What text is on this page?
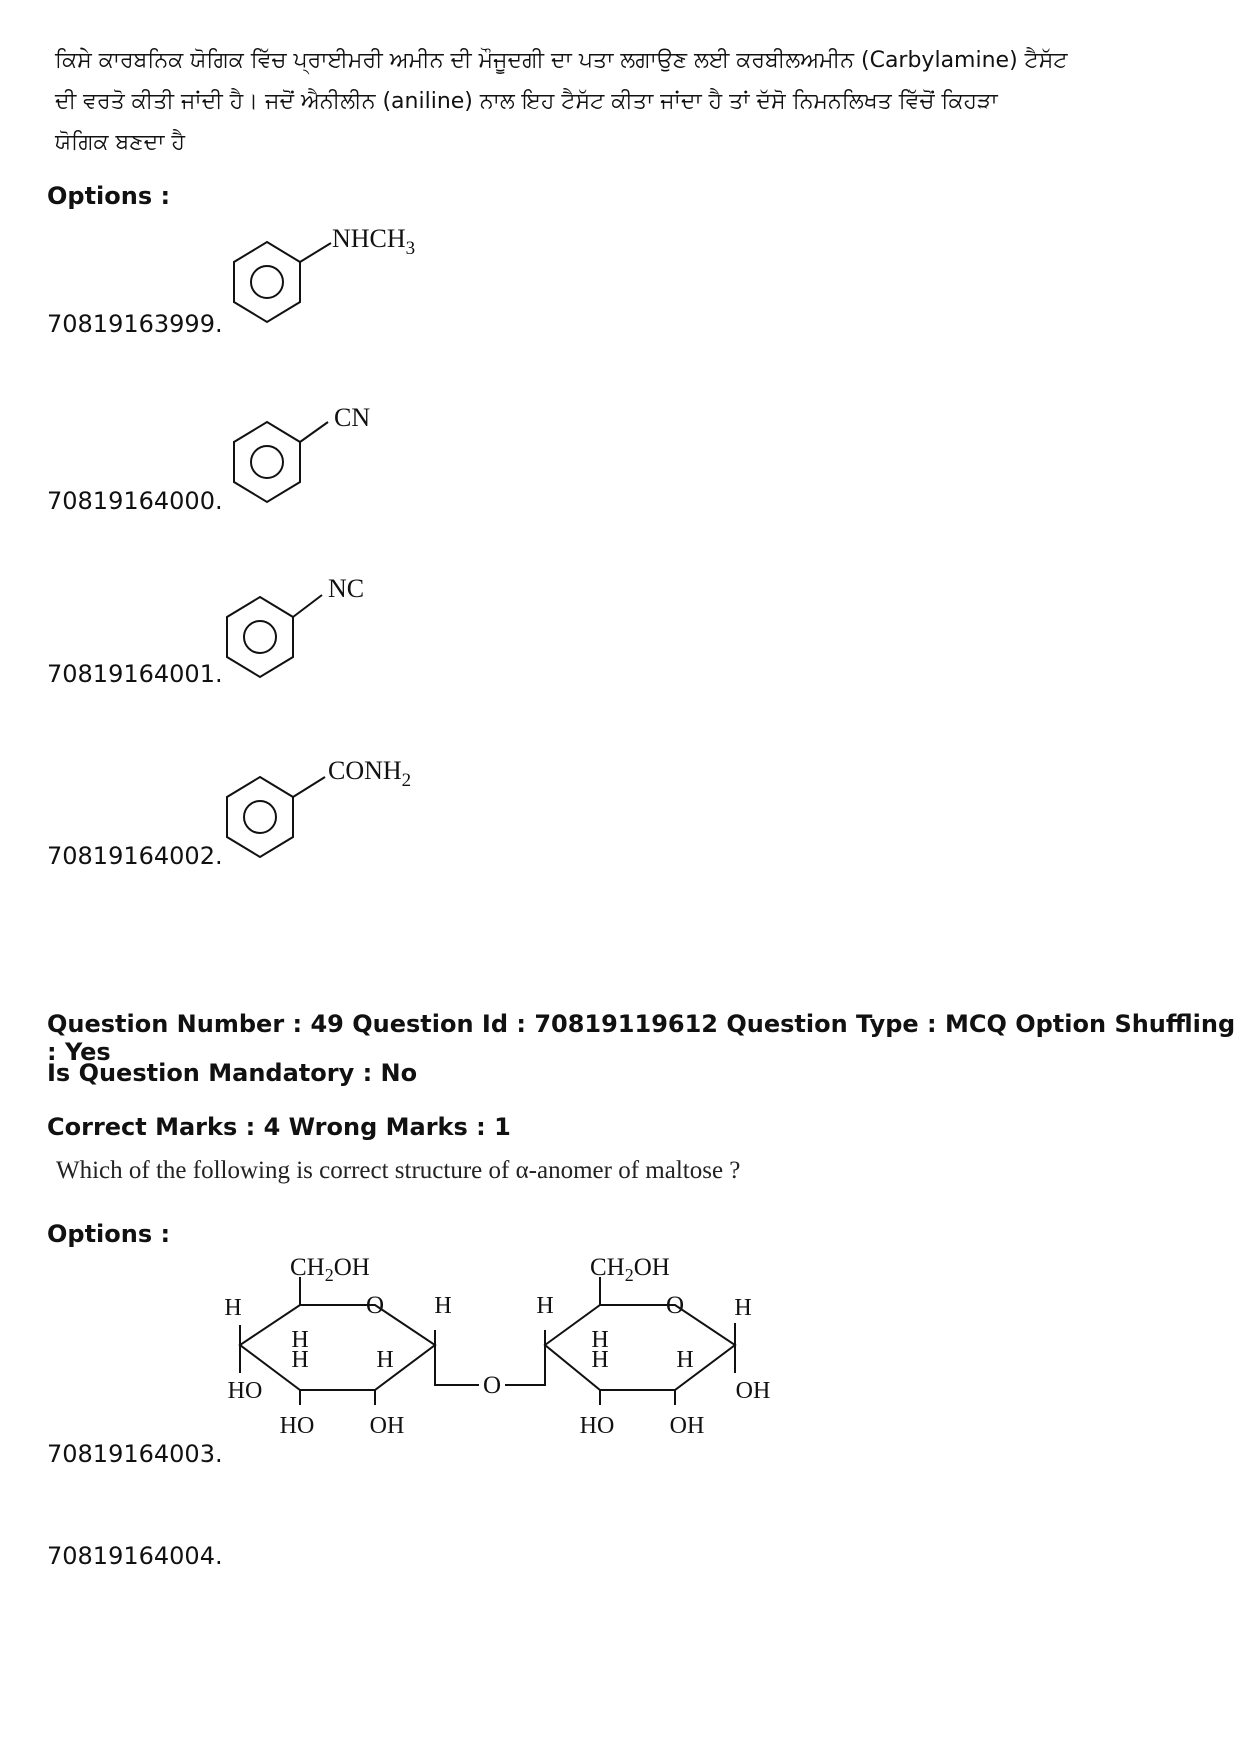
ਕਿਸੇ ਕਾਰਬਨਿਕ ਯੋਗਿਕ ਵਿੱਚ ਪ੍ਰਾਈਮਰੀ ਅਮੀਨ ਦੀ ਮੌਜੂਦਗੀ ਦਾ ਪਤਾ ਲਗਾਉਣ ਲਈ ਕਰਬੀਲਅਮੀਨ (Carbylamine) ਟੈਸੱਟ
ਦੀ ਵਰਤੋ ਕੀਤੀ ਜਾਂਦੀ ਹੈ। ਜਦੋਂ ਐਨੀਲੀਨ (aniline) ਨਾਲ ਇਹ ਟੈਸੱਟ ਕੀਤਾ ਜਾਂਦਾ ਹੈ ਤਾਂ ਦੱਸੋ ਨਿਮਨਲਿਖਤ ਵਿੱਚੋਂ ਕਿਹੜਾ
ਯੋਗਿਕ ਬਣਦਾ ਹੈ
Options :
$NHCH_3$
70819163999.
CN
70819164000.
NC
70819164001.
$CONH_2$
70819164002.
Question Number : 49 Question Id : 70819119612 Question Type : MCQ Option Shuffling : Yes
Is Question Mandatory : No
Correct Marks : 4 Wrong Marks : 1
Which of the following is correct structure of α-anomer of maltose ?
Options :
$CH_2OH$
O
H
HO
H
H
HO
H
OH
H
O
H
$CH_2OH$
O
H
H
HO
H
OH
H
OH
70819164003.
70819164004.
